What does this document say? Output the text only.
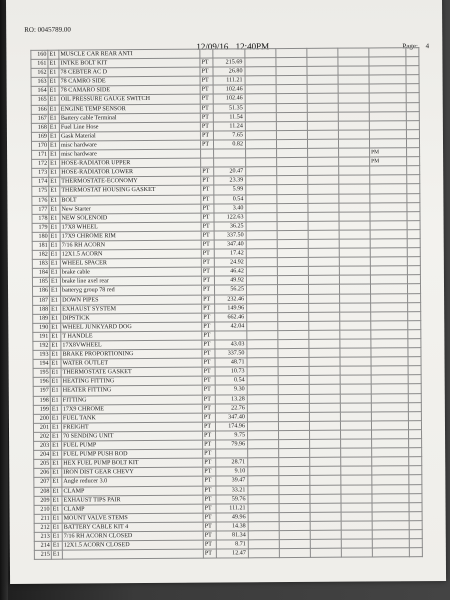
RO: 0045789.00
12/09/16 12:40PM	Page: 4
160	E1	MUSCLE CAR REAR ANTI								
161	E1	INTKE BOLT KIT	PT	215.69						
162	E1	78 CEBTER AC D	PT	26.80						
163	E1	78 CAMRO SIDE	PT	111.21						
164	E1	78 CAMARO SIDE	PT	102.46						
165	E1	OIL PRESSURE GAUGE SWITCH	PT	102.46						
166	E1	ENGINE TEMP SENSOR	PT	51.35						
167	E1	Battery cable Terminal	PT	11.54						
168	E1	Fuel Line Hose	PT	11.24						
169	E1	Gask Material	PT	7.65						
170	E1	misc hardware	PT	0.82						
171	E1	misc hardware							PM	
172	E1	HOSE-RADIATOR UPPER							PM	
173	E1	HOSE-RADIATOR LOWER	PT	20.47						
174	E1	THERMOSTATE-ECONOMY	PT	23.39						
175	E1	THERMOSTAT HOUSING GASKET	PT	5.99						
176	E1	BOLT	PT	0.54						
177	E1	New Starter	PT	3.40						
178	E1	NEW SOLENOID	PT	122.63						
179	E1	17X8 WHEEL	PT	36.25						
180	E1	17X9 CHROME RIM	PT	337.50						
181	E1	7/16 RH ACORN	PT	347.40						
182	E1	12X1.5 ACORN	PT	17.42						
183	E1	WHEEL SPACER	PT	24.92						
184	E1	brake cable	PT	46.42						
185	E1	brake line axel rear	PT	49.92						
186	E1	batteryg group 78 red	PT	56.25						
187	E1	DOWN PIPES	PT	232.46						
188	E1	EXHAUST SYSTEM	PT	149.96						
189	E1	DIPSTICK	PT	662.46						
190	E1	WHEEL JUNKYARD DOG	PT	42.04						
191	E1	T HANDLE	PT							
192	E1	17X8VWHEEL	PT	43.03						
193	E1	BRAKE PROPORTIONING	PT	337.50						
194	E1	WATER OUTLET	PT	48.71						
195	E1	THERMOSTATE GASKET	PT	10.73						
196	E1	HEATING FITTING	PT	0.54						
197	E1	HEATER FITTING	PT	9.30						
198	E1	FITTING	PT	13.28						
199	E1	17X9 CHROME	PT	22.76						
200	E1	FUEL TANK	PT	347.40						
201	E1	FREIGHT	PT	174.96						
202	E1	70 SENDING UNIT	PT	9.75						
203	E1	FUEL PUMP	PT	79.96						
204	E1	FUEL PUMP PUSH ROD	PT							
205	E1	HEX FUEL PUMP BOLT KIT	PT	28.71						
206	E1	IRON DIST GEAR CHEVY	PT	9.10						
207	E1	Angle reducer 3.0	PT	39.47						
208	E1	CLAMP	PT	33.21						
209	E1	EXHAUST TIPS PAIR	PT	59.76						
210	E1	CLAMP	PT	111.21						
211	E1	MOUNT VALVE STEMS	PT	49.96						
212	E1	BATTERY CABLE KIT 4	PT	14.38						
213	E1	7/16 RH ACORN CLOSED	PT	81.34						
214	E1	12X1.5 ACORN CLOSED	PT	8.71						
215	E1		PT	12.47						
